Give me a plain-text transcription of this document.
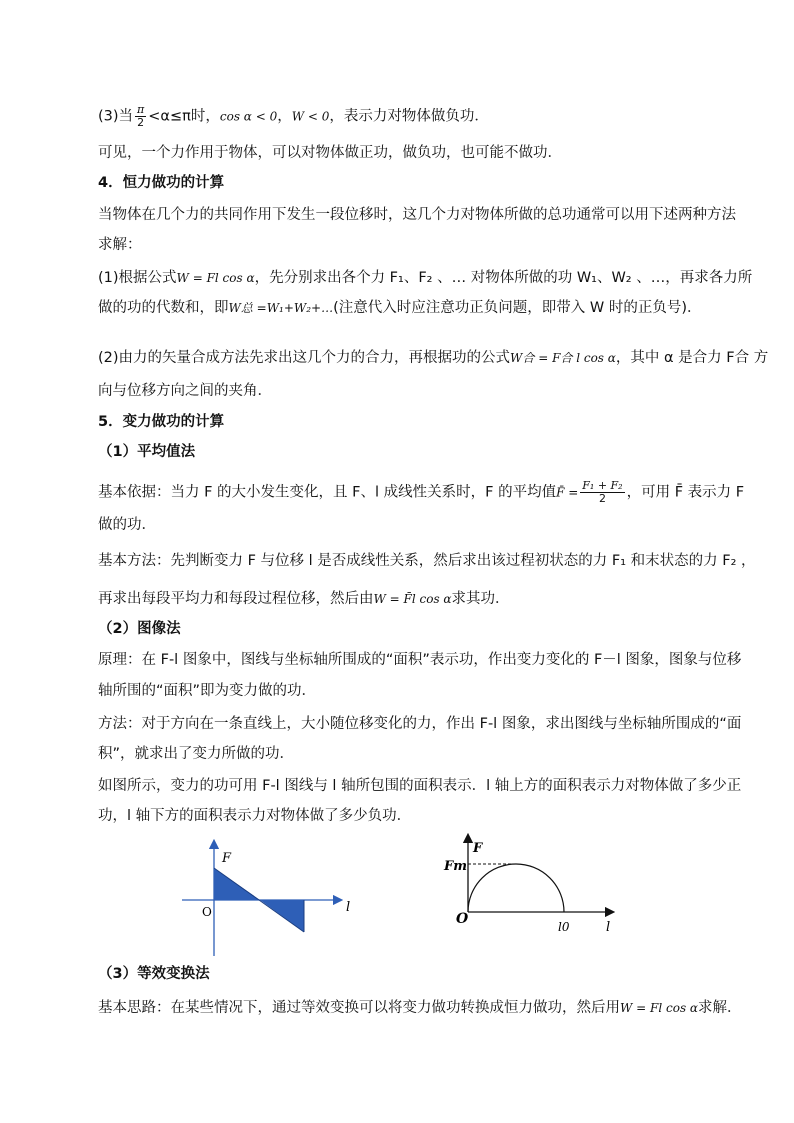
(3)当 $\frac{\pi}{2} <\alpha\le\pi$时，cos α < 0，W < 0，表示力对物体做负功．
可见，一个力作用于物体，可以对物体做正功，做负功，也可能不做功．
4．恒力做功的计算
当物体在几个力的共同作用下发生一段位移时，这几个力对物体所做的总功通常可以用下述两种方法
求解：
(1)根据公式W = Fl cos α，先分别求出各个力 F₁、F₂ 、… 对物体所做的功 W₁、W₂ 、…，再求各力所
做的功的代数和，即W总 =W₁+W₂+…(注意代入时应注意功正负问题，即带入 W 时的正负号)．
(2)由力的矢量合成方法先求出这几个力的合力，再根据功的公式W合 = F合 l cos α，其中 α 是合力 F合 方
向与位移方向之间的夹角．
5．变力做功的计算
（1）平均值法
基本依据：当力 F 的大小发生变化，且 F、l 成线性关系时，F 的平均值F̄ = $\frac{\text{F₁ + F₂}}{2}$ ，可用 F̄ 表示力 F
做的功．
基本方法：先判断变力 F 与位移 l 是否成线性关系，然后求出该过程初状态的力 F₁ 和末状态的力 F₂ ，
再求出每段平均力和每段过程位移，然后由W = F̄l cos α求其功．
（2）图像法
原理：在 F-l 图象中，图线与坐标轴所围成的“面积”表示功，作出变力变化的 F－l 图象，图象与位移
轴所围的“面积”即为变力做的功．
方法：对于方向在一条直线上，大小随位移变化的力，作出 F-l 图象，求出图线与坐标轴所围成的“面
积”，就求出了变力所做的功．
如图所示，变力的功可用 F-l 图线与 l 轴所包围的面积表示．l 轴上方的面积表示力对物体做了多少正
功，l 轴下方的面积表示力对物体做了多少负功．
F
l
O
F
Fm
O	l0	l
（3）等效变换法
基本思路：在某些情况下，通过等效变换可以将变力做功转换成恒力做功，然后用W = Fl cos α求解．
